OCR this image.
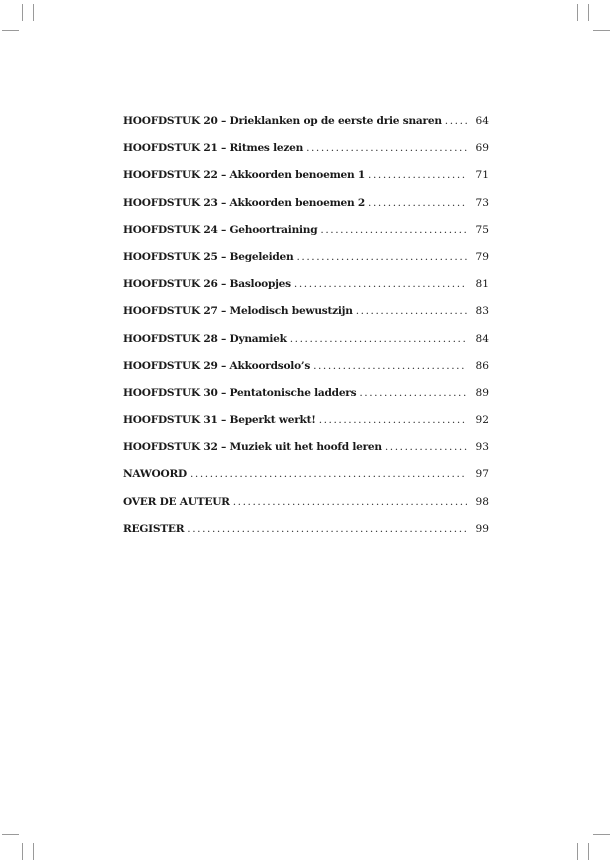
HOOFDSTUK 20 – Drieklanken op de eerste drie snaren . . .	64
HOOFDSTUK 21 – Ritmes lezen . . .	69
HOOFDSTUK 22 – Akkoorden benoemen 1 . . .	71
HOOFDSTUK 23 – Akkoorden benoemen 2 . . .	73
HOOFDSTUK 24 – Gehoortraining . . .	75
HOOFDSTUK 25 – Begeleiden . . .	79
HOOFDSTUK 26 – Basloopjes . . .	81
HOOFDSTUK 27 – Melodisch bewustzijn . . .	83
HOOFDSTUK 28 – Dynamiek . . .	84
HOOFDSTUK 29 – Akkoordsolo’s . . .	86
HOOFDSTUK 30 – Pentatonische ladders . . .	89
HOOFDSTUK 31 – Beperkt werkt! . . .	92
HOOFDSTUK 32 – Muziek uit het hoofd leren . . .	93
NAWOORD . . .	97
OVER DE AUTEUR . . .	98
REGISTER . . .	99
